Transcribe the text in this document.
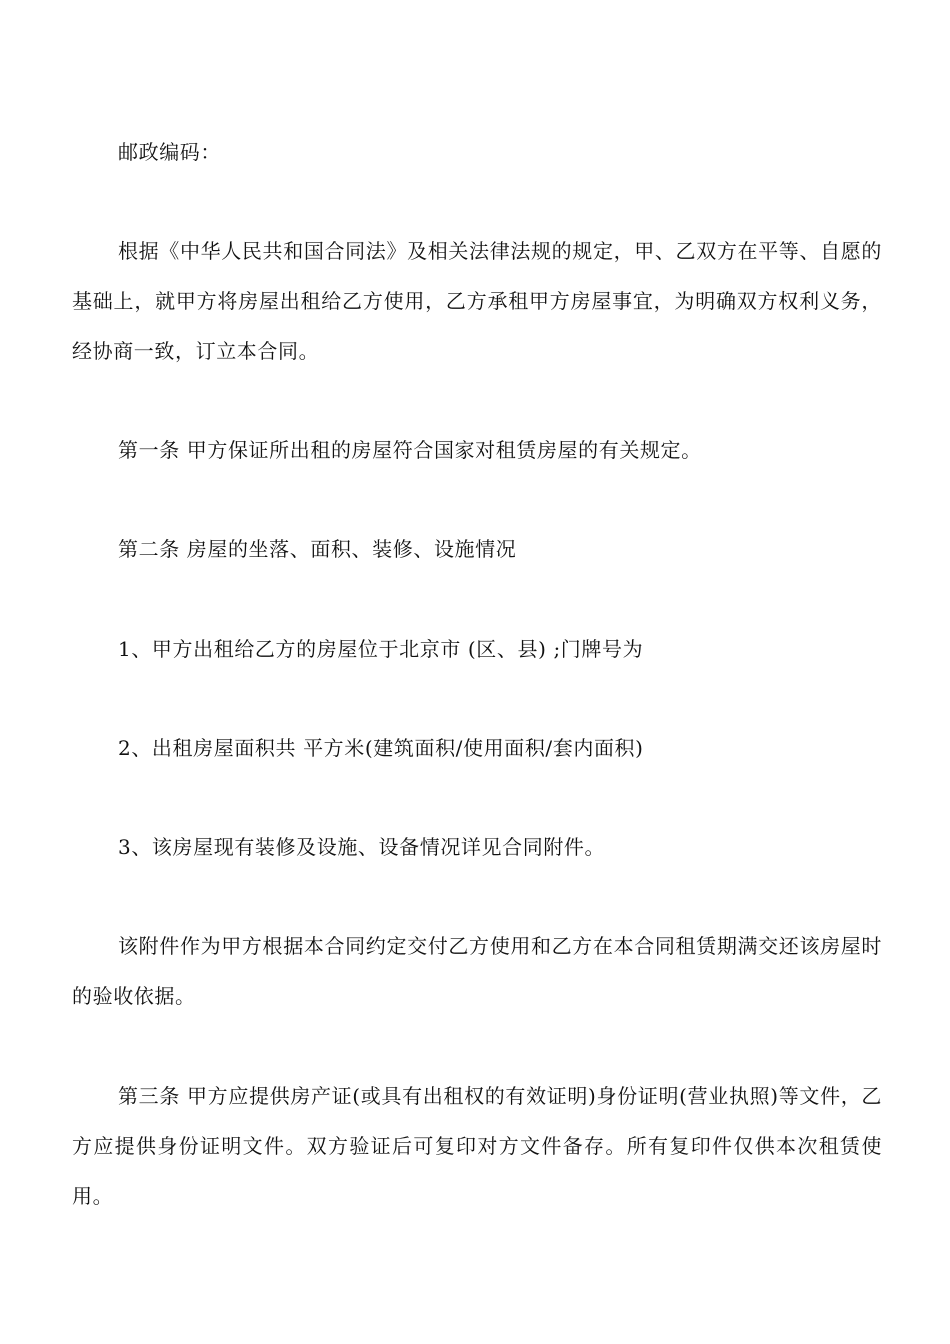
邮政编码：

根据《中华人民共和国合同法》及相关法律法规的规定，甲、乙双方在平等、自愿的基础上，就甲方将房屋出租给乙方使用，乙方承租甲方房屋事宜，为明确双方权利义务，经协商一致，订立本合同。

第一条 甲方保证所出租的房屋符合国家对租赁房屋的有关规定。

第二条 房屋的坐落、面积、装修、设施情况

1、甲方出租给乙方的房屋位于北京市 (区、县) ;门牌号为

2、出租房屋面积共 平方米(建筑面积/使用面积/套内面积)

3、该房屋现有装修及设施、设备情况详见合同附件。

该附件作为甲方根据本合同约定交付乙方使用和乙方在本合同租赁期满交还该房屋时的验收依据。

第三条 甲方应提供房产证(或具有出租权的有效证明)身份证明(营业执照)等文件，乙方应提供身份证明文件。双方验证后可复印对方文件备存。所有复印件仅供本次租赁使用。
